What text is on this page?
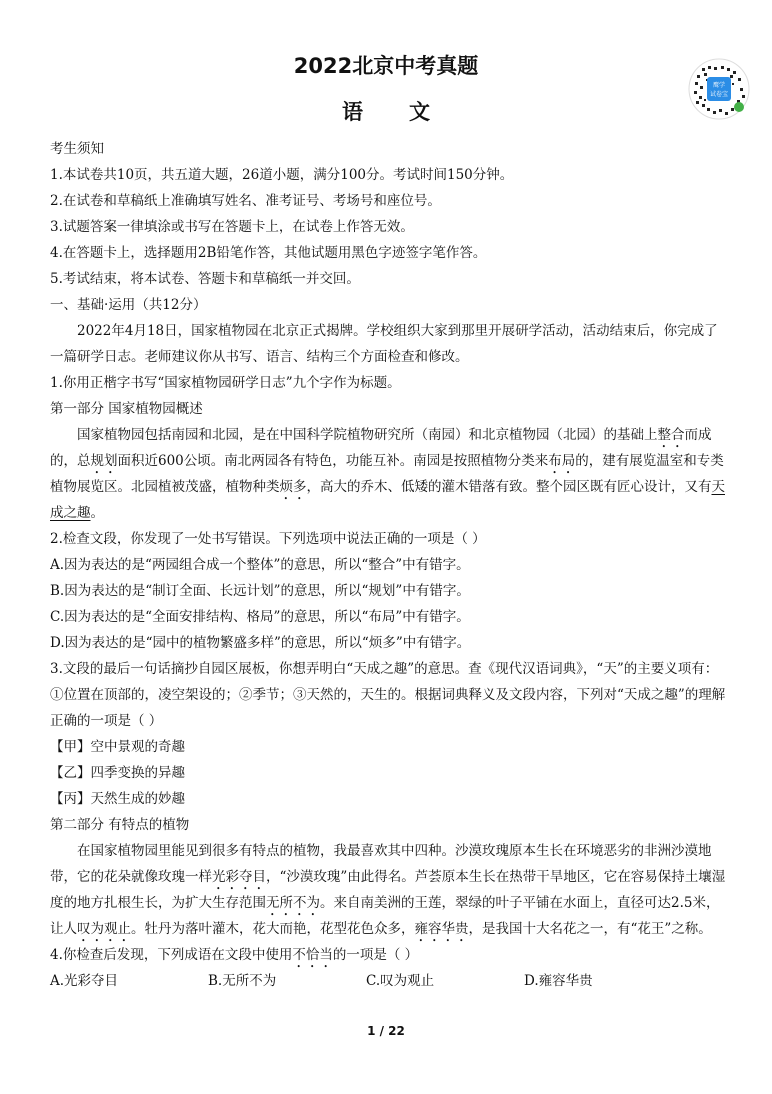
2022北京中考真题
语文
鹰学
试卷宝
考生须知
1.本试卷共10页，共五道大题，26道小题，满分100分。考试时间150分钟。
2.在试卷和草稿纸上准确填写姓名、准考证号、考场号和座位号。
3.试题答案一律填涂或书写在答题卡上，在试卷上作答无效。
4.在答题卡上，选择题用2B铅笔作答，其他试题用黑色字迹签字笔作答。
5.考试结束，将本试卷、答题卡和草稿纸一并交回。
一、基础·运用（共12分）
2022年4月18日，国家植物园在北京正式揭牌。学校组织大家到那里开展研学活动，活动结束后，你完成了
一篇研学日志。老师建议你从书写、语言、结构三个方面检查和修改。
1.你用正楷字书写“国家植物园研学日志”九个字作为标题。
第一部分 国家植物园概述
国家植物园包括南园和北园，是在中国科学院植物研究所（南园）和北京植物园（北园）的基础上整合而成
的，总规划面积近600公顷。南北两园各有特色，功能互补。南园是按照植物分类来布局的，建有展览温室和专类
植物展览区。北园植被茂盛，植物种类烦多，高大的乔木、低矮的灌木错落有致。整个园区既有匠心设计，又有天
成之趣。
2.检查文段，你发现了一处书写错误。下列选项中说法正确的一项是（ ）
A.因为表达的是“两园组合成一个整体”的意思，所以“整合”中有错字。
B.因为表达的是“制订全面、长远计划”的意思，所以“规划”中有错字。
C.因为表达的是“全面安排结构、格局”的意思，所以“布局”中有错字。
D.因为表达的是“园中的植物繁盛多样”的意思，所以“烦多”中有错字。
3.文段的最后一句话摘抄自园区展板，你想弄明白“天成之趣”的意思。查《现代汉语词典》，“天”的主要义项有：
①位置在顶部的，凌空架设的；②季节；③天然的，天生的。根据词典释义及文段内容，下列对“天成之趣”的理解
正确的一项是（ ）
【甲】空中景观的奇趣
【乙】四季变换的异趣
【丙】天然生成的妙趣
第二部分 有特点的植物
在国家植物园里能见到很多有特点的植物，我最喜欢其中四种。沙漠玫瑰原本生长在环境恶劣的非洲沙漠地
带，它的花朵就像玫瑰一样光彩夺目，“沙漠玫瑰”由此得名。芦荟原本生长在热带干旱地区，它在容易保持土壤湿
度的地方扎根生长，为扩大生存范围无所不为。来自南美洲的王莲，翠绿的叶子平铺在水面上，直径可达2.5米，
让人叹为观止。牡丹为落叶灌木，花大而艳，花型花色众多，雍容华贵，是我国十大名花之一，有“花王”之称。
4.你检查后发现，下列成语在文段中使用不恰当的一项是（ ）
A.光彩夺目	B.无所不为	C.叹为观止	D.雍容华贵
1 / 22
